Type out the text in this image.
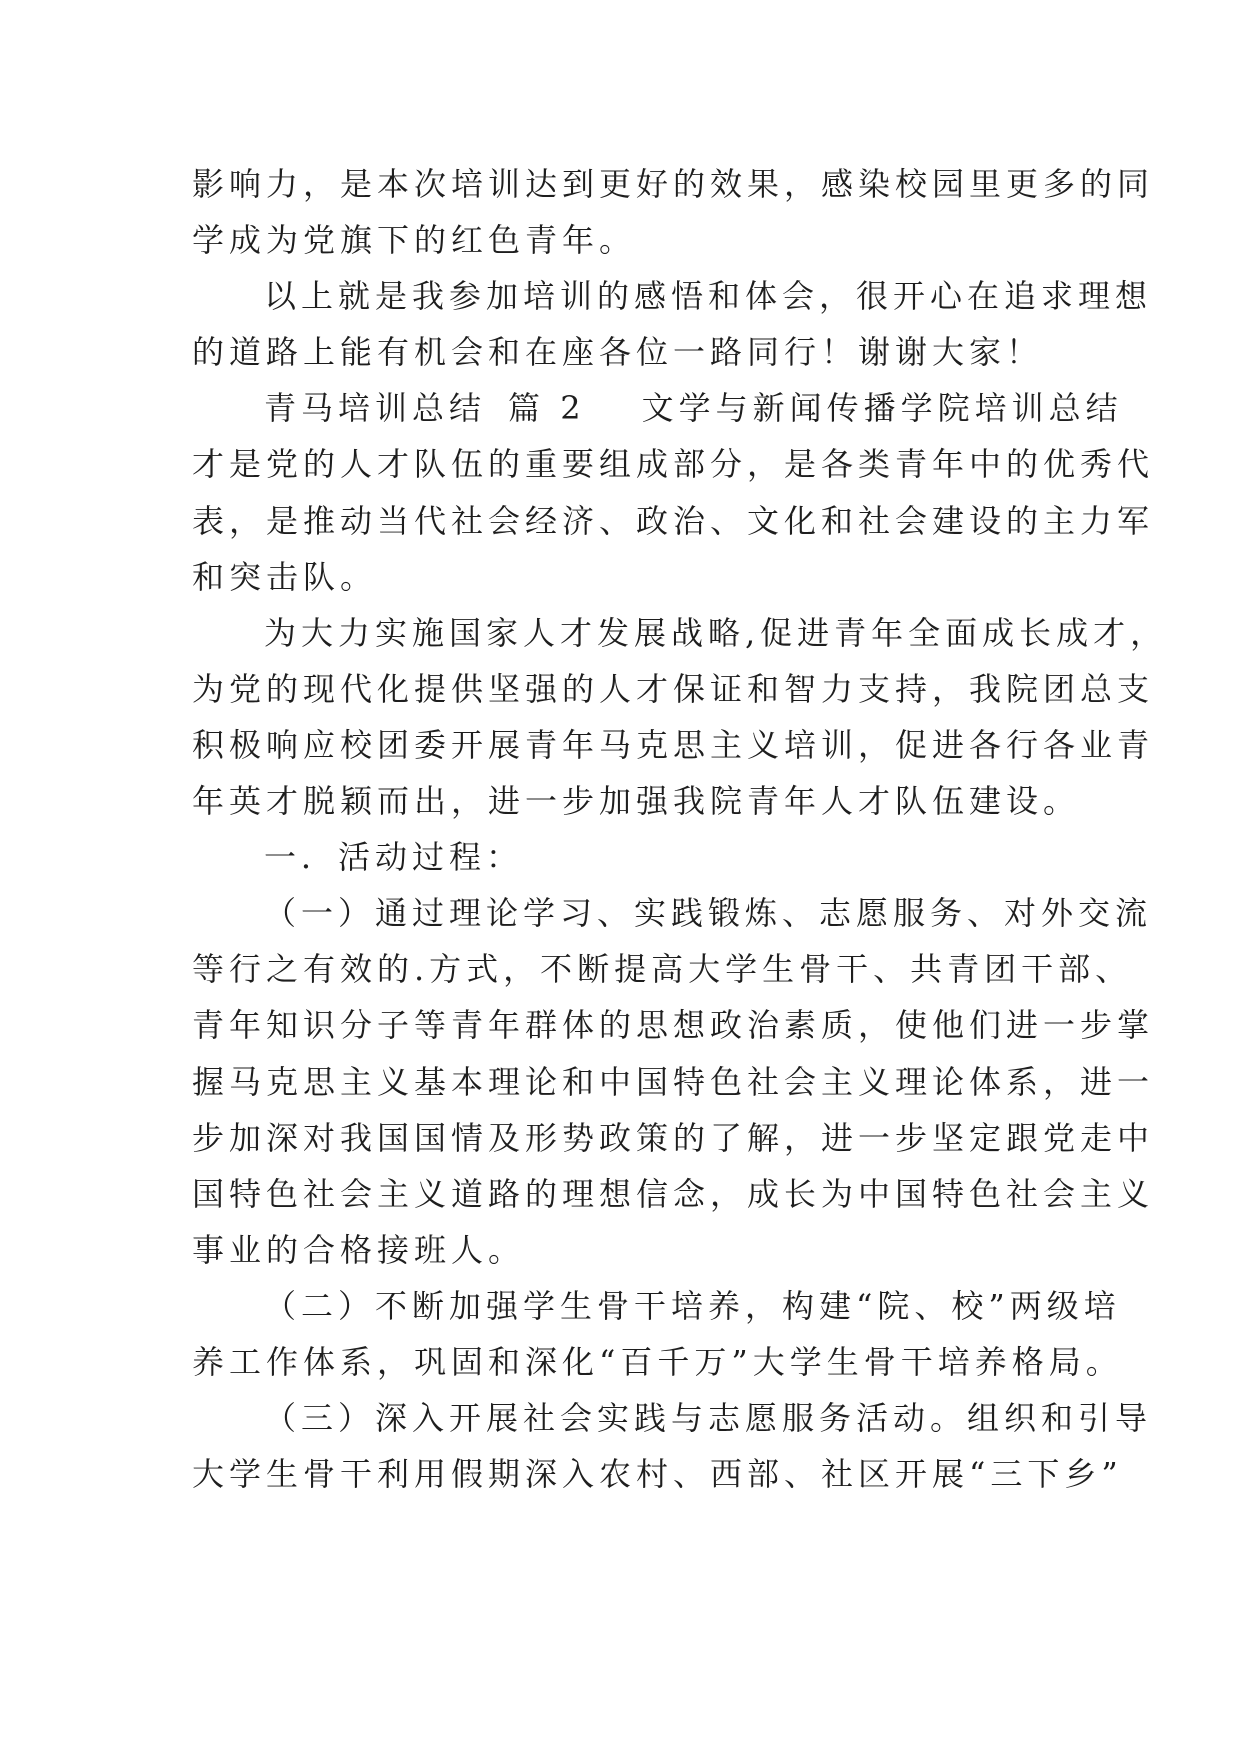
影响力，是本次培训达到更好的效果，感染校园里更多的同
学成为党旗下的红色青年。
以上就是我参加培训的感悟和体会，很开心在追求理想
的道路上能有机会和在座各位一路同行！谢谢大家！
青马培训总结 篇 2 文学与新闻传播学院培训总结
才是党的人才队伍的重要组成部分，是各类青年中的优秀代
表，是推动当代社会经济、政治、文化和社会建设的主力军
和突击队。
为大力实施国家人才发展战略,促进青年全面成长成才，
为党的现代化提供坚强的人才保证和智力支持，我院团总支
积极响应校团委开展青年马克思主义培训，促进各行各业青
年英才脱颖而出，进一步加强我院青年人才队伍建设。
一．活动过程：
（一）通过理论学习、实践锻炼、志愿服务、对外交流
等行之有效的.方式，不断提高大学生骨干、共青团干部、
青年知识分子等青年群体的思想政治素质，使他们进一步掌
握马克思主义基本理论和中国特色社会主义理论体系，进一
步加深对我国国情及形势政策的了解，进一步坚定跟党走中
国特色社会主义道路的理想信念，成长为中国特色社会主义
事业的合格接班人。
（二）不断加强学生骨干培养，构建“院、校”两级培
养工作体系，巩固和深化“百千万”大学生骨干培养格局。
（三）深入开展社会实践与志愿服务活动。组织和引导
大学生骨干利用假期深入农村、西部、社区开展“三下乡”
